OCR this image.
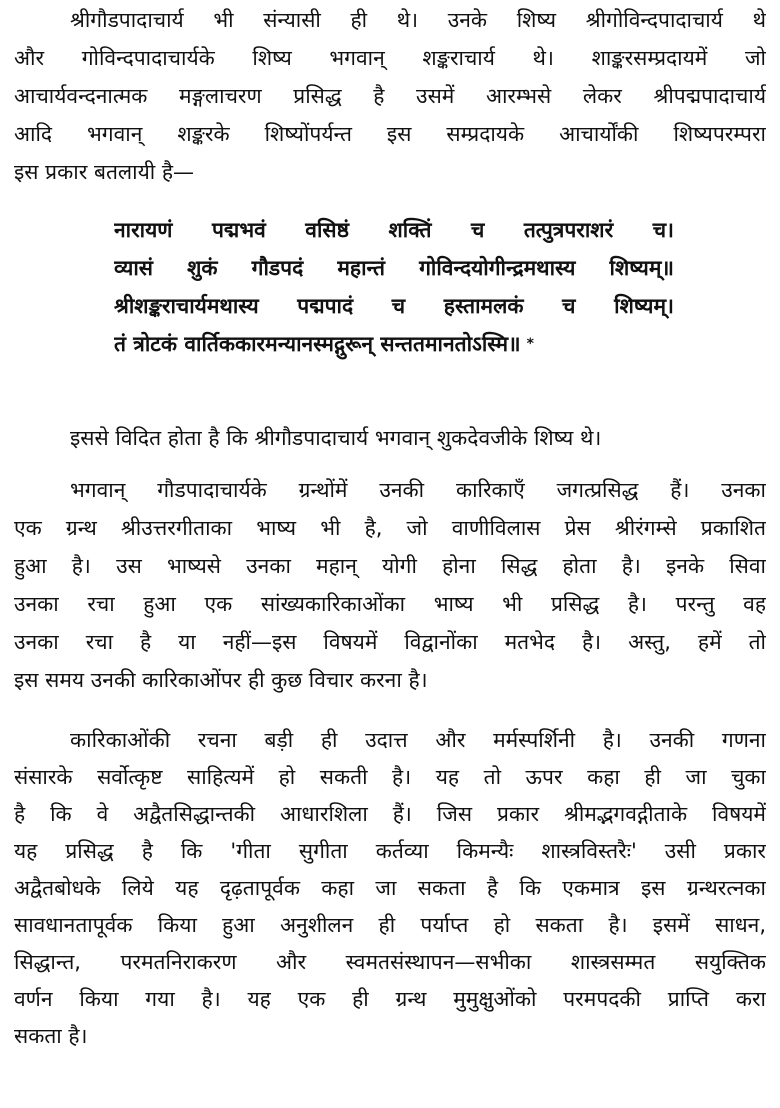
श्रीगौडपादाचार्य भी संन्यासी ही थे। उनके शिष्य श्रीगोविन्दपादाचार्य थे
और गोविन्दपादाचार्यके शिष्य भगवान् शङ्कराचार्य थे। शाङ्करसम्प्रदायमें जो
आचार्यवन्दनात्मक मङ्गलाचरण प्रसिद्ध है उसमें आरम्भसे लेकर श्रीपद्मपादाचार्य
आदि भगवान् शङ्करके शिष्योंपर्यन्त इस सम्प्रदायके आचार्योंकी शिष्यपरम्परा
इस प्रकार बतलायी है—
नारायणं पद्मभवं वसिष्ठं शक्तिं च तत्पुत्रपराशरं च।
व्यासं शुकं गौडपदं महान्तं गोविन्दयोगीन्द्रमथास्य शिष्यम्॥
श्रीशङ्कराचार्यमथास्य पद्मपादं च हस्तामलकं च शिष्यम्।
तं त्रोटकं वार्तिककारमन्यानस्मद्गुरून् सन्ततमानतोऽस्मि॥ *
इससे विदित होता है कि श्रीगौडपादाचार्य भगवान् शुकदेवजीके शिष्य थे।
भगवान् गौडपादाचार्यके ग्रन्थोंमें उनकी कारिकाएँ जगत्प्रसिद्ध हैं। उनका
एक ग्रन्थ श्रीउत्तरगीताका भाष्य भी है, जो वाणीविलास प्रेस श्रीरंगम्से प्रकाशित
हुआ है। उस भाष्यसे उनका महान् योगी होना सिद्ध होता है। इनके सिवा
उनका रचा हुआ एक सांख्यकारिकाओंका भाष्य भी प्रसिद्ध है। परन्तु वह
उनका रचा है या नहीं—इस विषयमें विद्वानोंका मतभेद है। अस्तु, हमें तो
इस समय उनकी कारिकाओंपर ही कुछ विचार करना है।
कारिकाओंकी रचना बड़ी ही उदात्त और मर्मस्पर्शिनी है। उनकी गणना
संसारके सर्वोत्कृष्ट साहित्यमें हो सकती है। यह तो ऊपर कहा ही जा चुका
है कि वे अद्वैतसिद्धान्तकी आधारशिला हैं। जिस प्रकार श्रीमद्भगवद्गीताके विषयमें
यह प्रसिद्ध है कि 'गीता सुगीता कर्तव्या किमन्यैः शास्त्रविस्तरैः' उसी प्रकार
अद्वैतबोधके लिये यह दृढ़तापूर्वक कहा जा सकता है कि एकमात्र इस ग्रन्थरत्नका
सावधानतापूर्वक किया हुआ अनुशीलन ही पर्याप्त हो सकता है। इसमें साधन,
सिद्धान्त, परमतनिराकरण और स्वमतसंस्थापन—सभीका शास्त्रसम्मत सयुक्तिक
वर्णन किया गया है। यह एक ही ग्रन्थ मुमुक्षुओंको परमपदकी प्राप्ति करा
सकता है।
